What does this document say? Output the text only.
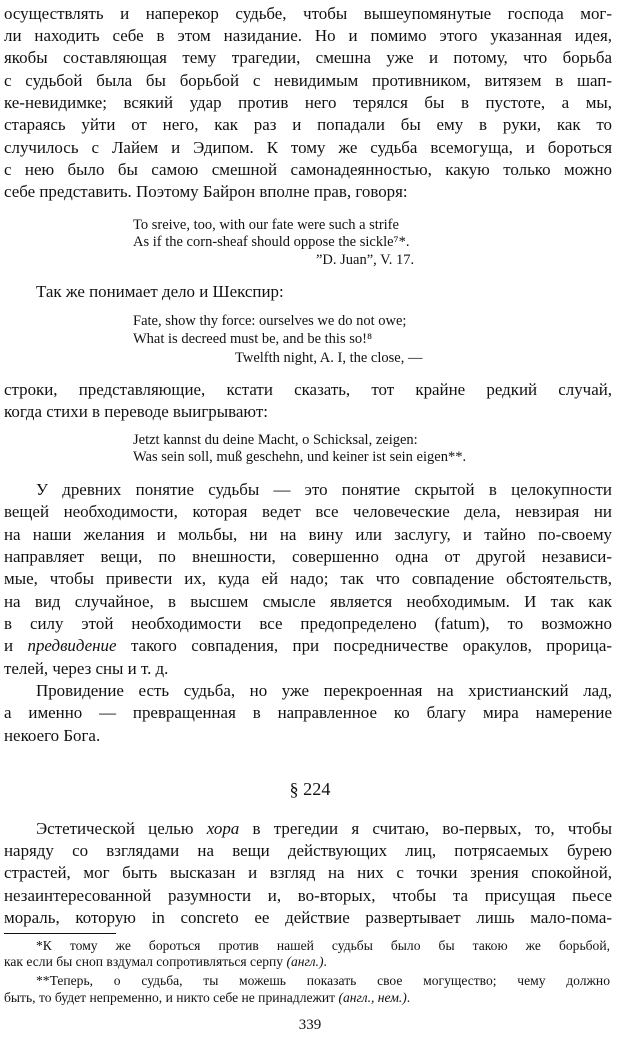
осуществлять и наперекор судьбе, чтобы вышеупомянутые господа мог-
ли находить себе в этом назидание. Но и помимо этого указанная идея,
якобы составляющая тему трагедии, смешна уже и потому, что борьба
с судьбой была бы борьбой с невидимым противником, витязем в шап-
ке-невидимке; всякий удар против него терялся бы в пустоте, а мы,
стараясь уйти от него, как раз и попадали бы ему в руки, как то
случилось с Лайем и Эдипом. К тому же судьба всемогуща, и бороться
с нею было бы самою смешной самонадеянностью, какую только можно
себе представить. Поэтому Байрон вполне прав, говоря:
To sreive, too, with our fate were such a strife
As if the corn-sheaf should oppose the sickle⁷*.
”D. Juan”, V. 17.
Так же понимает дело и Шекспир:
Fate, show thy force: ourselves we do not owe;
What is decreed must be, and be this so!⁸
Twelfth night, A. I, the close, —
строки, представляющие, кстати сказать, тот крайне редкий случай,
когда стихи в переводе выигрывают:
Jetzt kannst du deine Macht, o Schicksal, zeigen:
Was sein soll, muß geschehn, und keiner ist sein eigen**.
У древних понятие судьбы — это понятие скрытой в целокупности
вещей необходимости, которая ведет все человеческие дела, невзирая ни
на наши желания и мольбы, ни на вину или заслугу, и тайно по-своему
направляет вещи, по внешности, совершенно одна от другой независи-
мые, чтобы привести их, куда ей надо; так что совпадение обстоятельств,
на вид случайное, в высшем смысле является необходимым. И так как
в силу этой необходимости все предопределено (fatum), то возможно
и предвидение такого совпадения, при посредничестве оракулов, прорица-
телей, через сны и т. д.
Провидение есть судьба, но уже перекроенная на христианский лад,
а именно — превращенная в направленное ко благу мира намерение
некоего Бога.
§ 224
Эстетической целью хора в трегедии я считаю, во-первых, то, чтобы
наряду со взглядами на вещи действующих лиц, потрясаемых бурею
страстей, мог быть высказан и взгляд на них с точки зрения спокойной,
незаинтересованной разумности и, во-вторых, чтобы та присущая пьесе
мораль, которую in concreto ее действие развертывает лишь мало-пома-
*К тому же бороться против нашей судьбы было бы такою же борьбой,
как если бы сноп вздумал сопротивляться серпу (англ.).
**Теперь, о судьба, ты можешь показать свое могущество; чему должно
быть, то будет непременно, и никто себе не принадлежит (англ., нем.).
339
